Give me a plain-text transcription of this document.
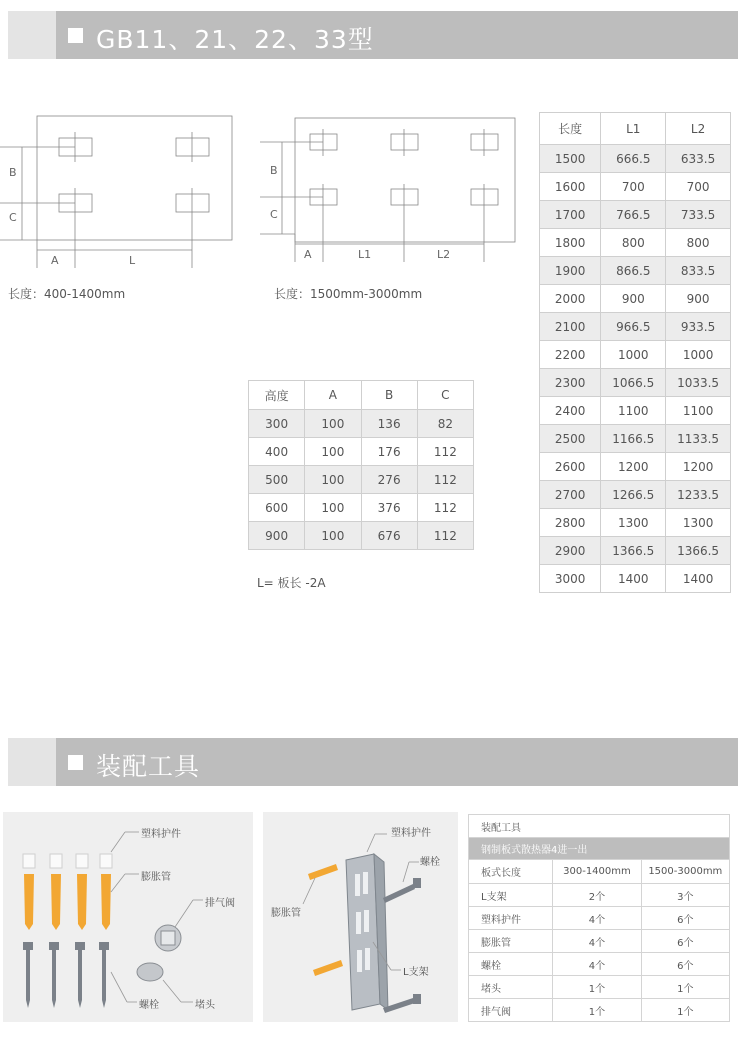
GB11、21、22、33型
B
C
A	L
长度：400-1400mm
B
C
A	L1	L2
长度：1500mm-3000mm
高度	A	B	C
300	100	136	82
400	100	176	112
500	100	276	112
600	100	376	112
900	100	676	112
L= 板长 -2A
长度	L1	L2
1500	666.5	633.5
1600	700	700
1700	766.5	733.5
1800	800	800
1900	866.5	833.5
2000	900	900
2100	966.5	933.5
2200	1000	1000
2300	1066.5	1033.5
2400	1100	1100
2500	1166.5	1133.5
2600	1200	1200
2700	1266.5	1233.5
2800	1300	1300
2900	1366.5	1366.5
3000	1400	1400
装配工具
塑料护件
膨胀管
排气阀
螺栓	堵头
塑料护件
螺栓
膨胀管
L支架
装配工具		
钢制板式散热器4进一出		
板式长度	300-1400mm	1500-3000mm
L支架	2个	3个
塑料护件	4个	6个
膨胀管	4个	6个
螺栓	4个	6个
堵头	1个	1个
排气阀	1个	1个
